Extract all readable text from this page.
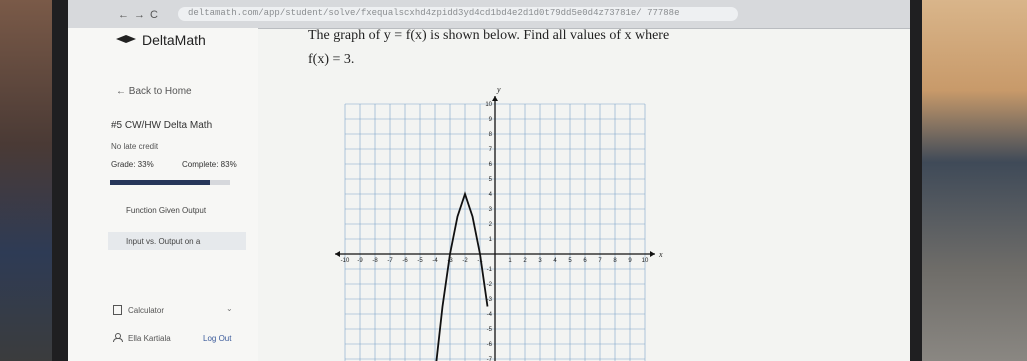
← → C	deltamath.com/app/student/solve/fxequalscxhd4zpidd3yd4cd1bd4e2d1d0t79dd5e0d4z73781e/ 77788e
DeltaMath
← Back to Home
#5 CW/HW Delta Math
No late credit
Grade: 33%	Complete: 83%
Function Given Output
Input vs. Output on a
Calculator	⌄
Ella Kartiala	Log Out
The graph of y = f(x) is shown below. Find all values of x where
f(x) = 3.
x
y
-10 -9 -8 -7 -6 -5 -4 -3 -2 -1	1 2 3 4 5 6 7 8 9 10
-7
-6
-5
-4
-3
-2
-1
1
2
3
4
5
6
7
8
9
10
